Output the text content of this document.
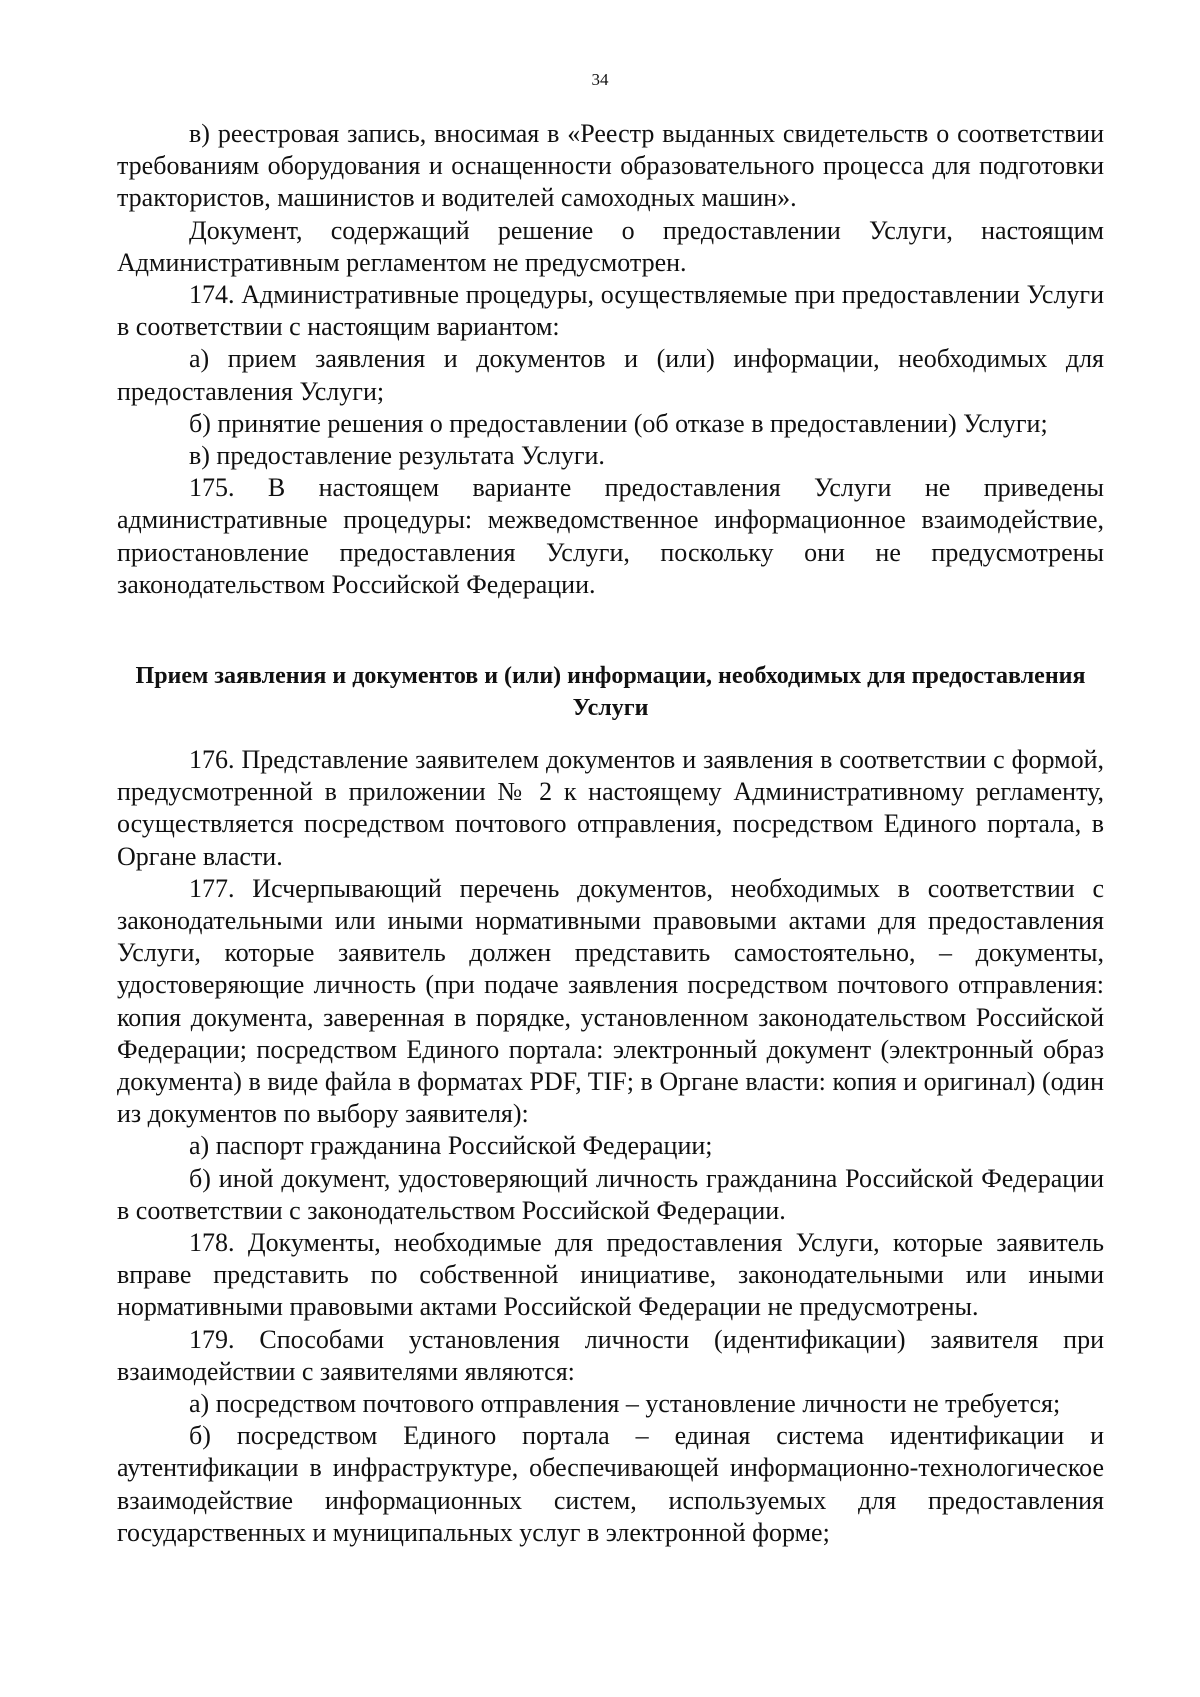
34

в) реестровая запись, вносимая в «Реестр выданных свидетельств о соответствии требованиям оборудования и оснащенности образовательного процесса для подготовки трактористов, машинистов и водителей самоходных машин».

Документ, содержащий решение о предоставлении Услуги, настоящим Административным регламентом не предусмотрен.

174. Административные процедуры, осуществляемые при предоставлении Услуги в соответствии с настоящим вариантом:

а) прием заявления и документов и (или) информации, необходимых для предоставления Услуги;

б) принятие решения о предоставлении (об отказе в предоставлении) Услуги;

в) предоставление результата Услуги.

175. В настоящем варианте предоставления Услуги не приведены административные процедуры: межведомственное информационное взаимодействие, приостановление предоставления Услуги, поскольку они не предусмотрены законодательством Российской Федерации.

Прием заявления и документов и (или) информации, необходимых для предоставления Услуги

176. Представление заявителем документов и заявления в соответствии с формой, предусмотренной в приложении № 2 к настоящему Административному регламенту, осуществляется посредством почтового отправления, посредством Единого портала, в Органе власти.

177. Исчерпывающий перечень документов, необходимых в соответствии с законодательными или иными нормативными правовыми актами для предоставления Услуги, которые заявитель должен представить самостоятельно, – документы, удостоверяющие личность (при подаче заявления посредством почтового отправления: копия документа, заверенная в порядке, установленном законодательством Российской Федерации; посредством Единого портала: электронный документ (электронный образ документа) в виде файла в форматах PDF, TIF; в Органе власти: копия и оригинал) (один из документов по выбору заявителя):

а) паспорт гражданина Российской Федерации;

б) иной документ, удостоверяющий личность гражданина Российской Федерации в соответствии с законодательством Российской Федерации.

178. Документы, необходимые для предоставления Услуги, которые заявитель вправе представить по собственной инициативе, законодательными или иными нормативными правовыми актами Российской Федерации не предусмотрены.

179. Способами установления личности (идентификации) заявителя при взаимодействии с заявителями являются:

а) посредством почтового отправления – установление личности не требуется;

б) посредством Единого портала – единая система идентификации и аутентификации в инфраструктуре, обеспечивающей информационно-технологическое взаимодействие информационных систем, используемых для предоставления государственных и муниципальных услуг в электронной форме;
